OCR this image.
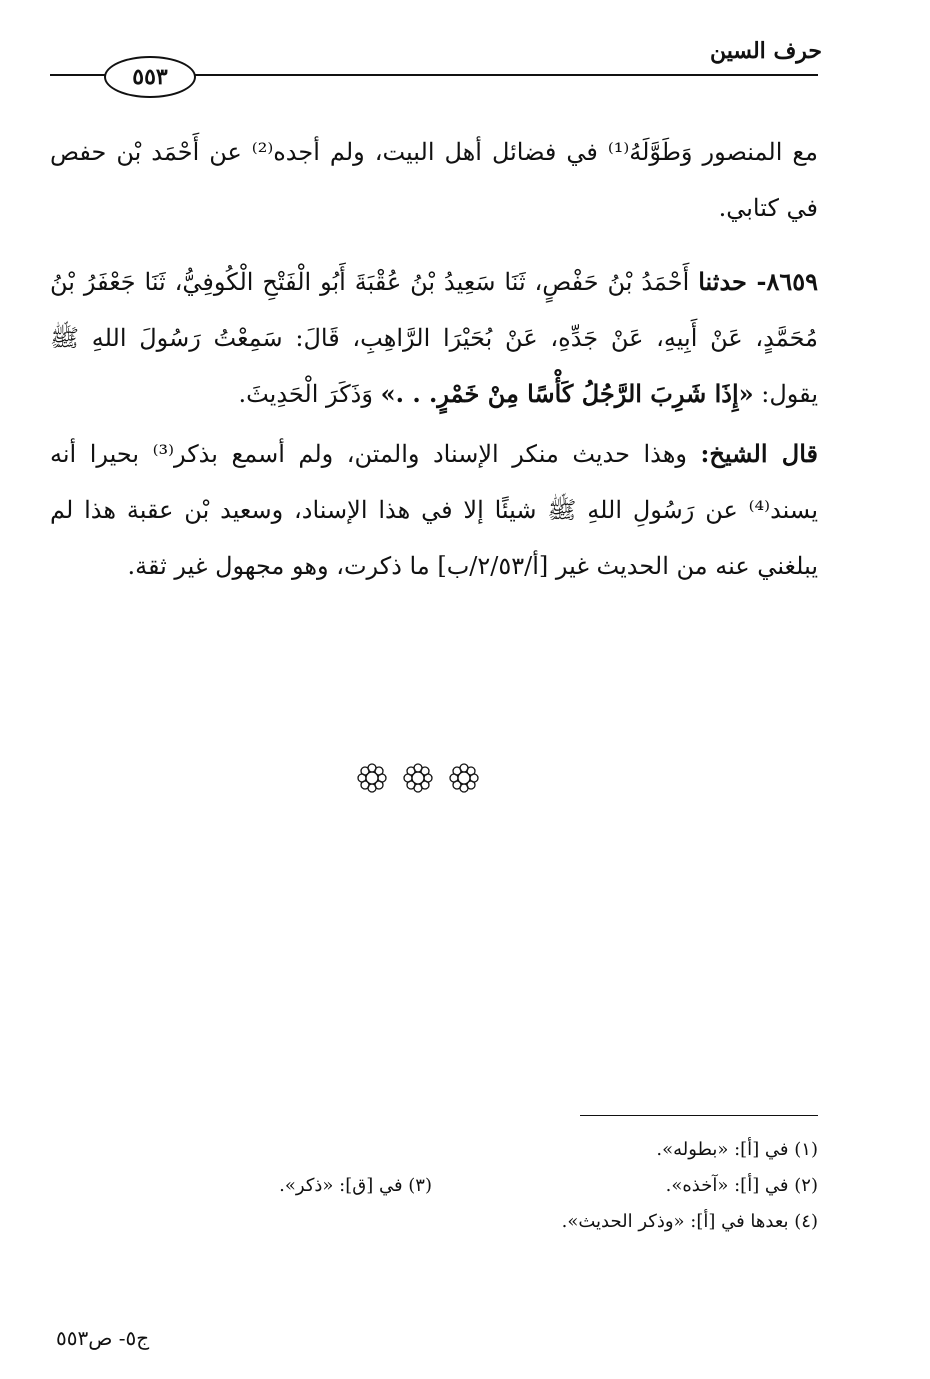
حرف السين
٥٥٣

مع المنصور وَطَوَّلَهُ⁽¹⁾ في فضائل أهل البيت، ولم أجده⁽²⁾ عن أَحْمَد بْن حفص في كتابي.

٨٦٥٩- حدثنا أَحْمَدُ بْنُ حَفْصٍ، ثَنَا سَعِيدُ بْنُ عُقْبَةَ أَبُو الْفَتْحِ الْكُوفِيُّ، ثَنَا جَعْفَرُ بْنُ مُحَمَّدٍ، عَنْ أَبِيهِ، عَنْ جَدِّهِ، عَنْ بُحَيْرَا الرَّاهِبِ، قَالَ: سَمِعْتُ رَسُولَ اللهِ ﷺ يقول: «إِذَا شَرِبَ الرَّجُلُ كَأْسًا مِنْ خَمْرٍ. . .» وَذَكَرَ الْحَدِيثَ.

قال الشيخ: وهذا حديث منكر الإسناد والمتن، ولم أسمع بذكر⁽³⁾ بحيرا أنه يسند⁽⁴⁾ عن رَسُولِ اللهِ ﷺ شيئًا إلا في هذا الإسناد، وسعيد بْن عقبة هذا لم يبلغني عنه من الحديث غير [أ/٢/٥٣/ب] ما ذكرت، وهو مجهول غير ثقة.

(١) في [أ]: «بطوله».
(٢) في [أ]: «آخذه».
(٣) في [ق]: «ذكر».
(٤) بعدها في [أ]: «وذكر الحديث».
ج٥- ص٥٥٣
